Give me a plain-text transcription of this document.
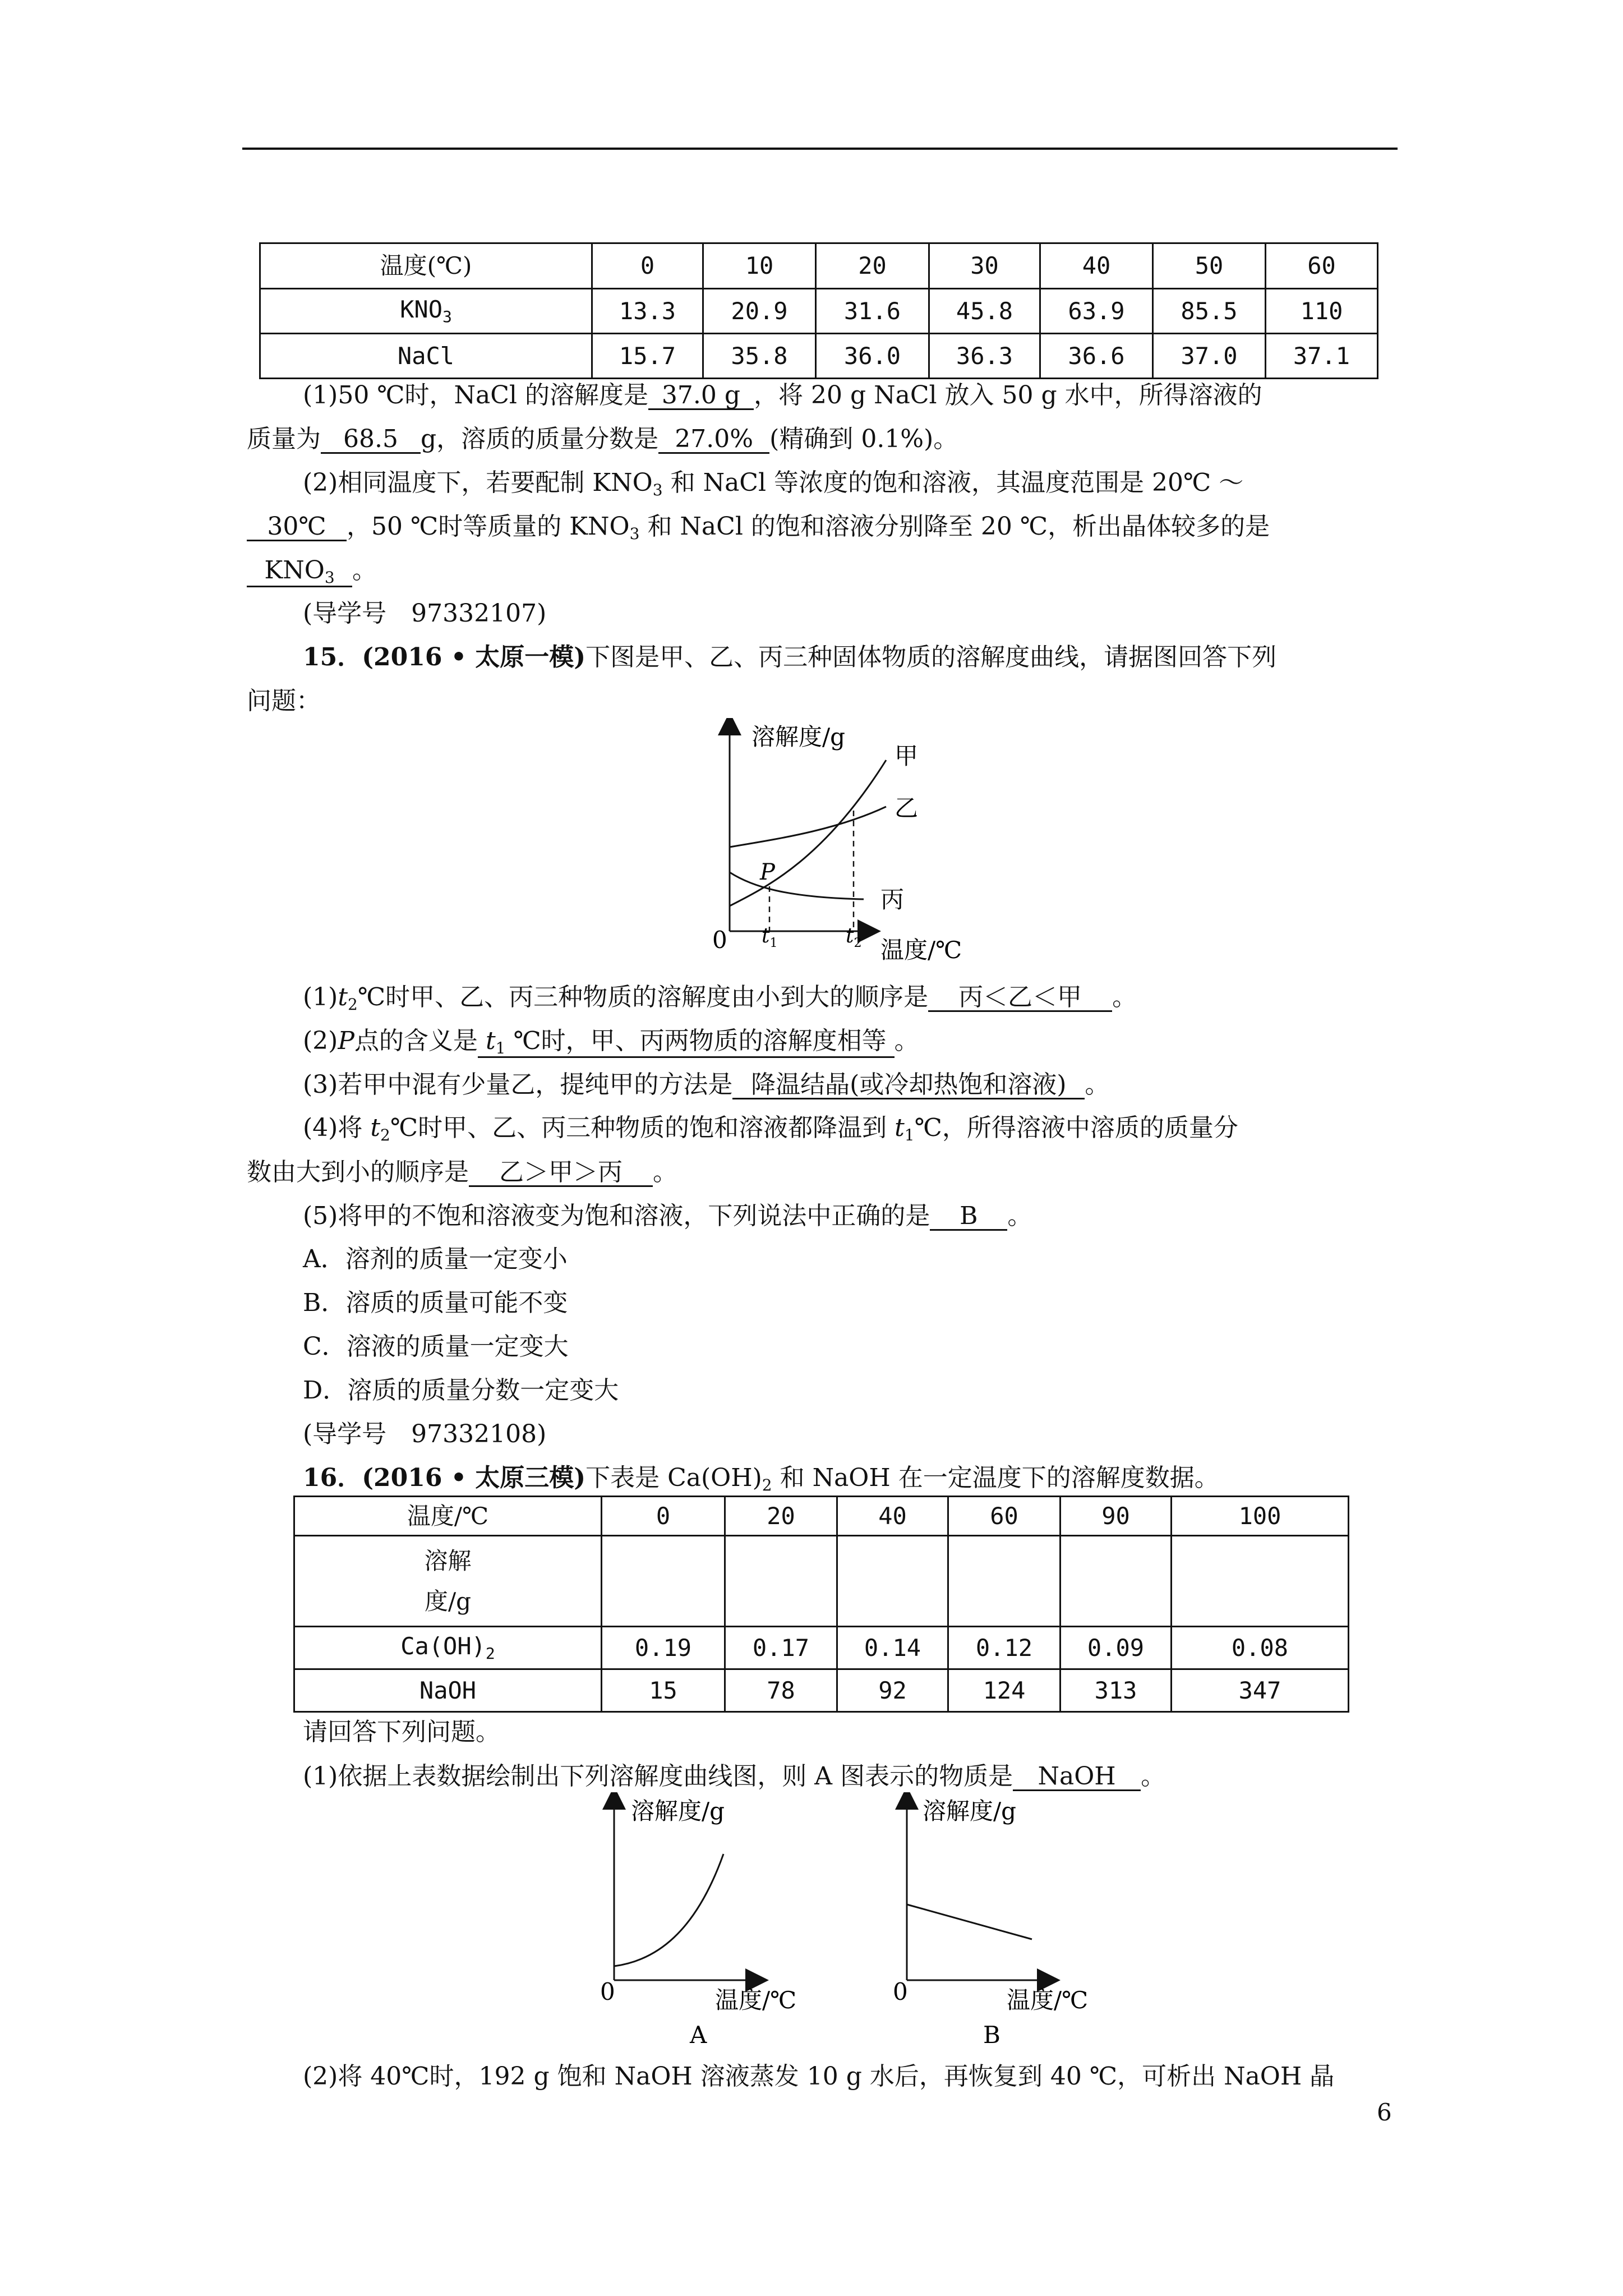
温度(℃)	0	10	20	30	40	50	60
$KNO_3$	13.3	20.9	31.6	45.8	63.9	85.5	110
NaCl	15.7	35.8	36.0	36.3	36.6	37.0	37.1
(1)50 ℃时，NaCl 的溶解度是 37.0 g ，将 20 g NaCl 放入 50 g 水中，所得溶液的
质量为 68.5 g，溶质的质量分数是 27.0% (精确到 0.1%)。
(2)相同温度下，若要配制 $KNO_3$ 和 NaCl 等浓度的饱和溶液，其温度范围是 20℃ ～
30℃ ，50 ℃时等质量的 $KNO_3$ 和 NaCl 的饱和溶液分别降至 20 ℃，析出晶体较多的是
$KNO_3$ 。
(导学号　97332107)
15．(2016 • 太原一模)下图是甲、乙、丙三种固体物质的溶解度曲线，请据图回答下列
问题：
溶解度/g
温度/℃
0
甲
乙
丙
P
$t_1$	$t_2$
$(1)t_2℃$时甲、乙、丙三种物质的溶解度由小到大的顺序是 丙＜乙＜甲 。
(2)P点的含义是 $t_1$ ℃时，甲、丙两物质的溶解度相等 。
(3)若甲中混有少量乙，提纯甲的方法是 降温结晶(或冷却热饱和溶液) 。
(4)将 $t_2℃$时甲、乙、丙三种物质的饱和溶液都降温到 $t_1℃$，所得溶液中溶质的质量分
数由大到小的顺序是 乙＞甲＞丙 。
(5)将甲的不饱和溶液变为饱和溶液，下列说法中正确的是 B 。
A．溶剂的质量一定变小
B．溶质的质量可能不变
C．溶液的质量一定变大
D．溶质的质量分数一定变大
(导学号　97332108)
16．(2016 • 太原三模)下表是 $Ca(OH)_2$ 和 NaOH 在一定温度下的溶解度数据。
温度/℃	0	20	40	60	90	100
溶解
度/g						
$Ca(OH)_2$	0.19	0.17	0.14	0.12	0.09	0.08
NaOH	15	78	92	124	313	347
请回答下列问题。
(1)依据上表数据绘制出下列溶解度曲线图，则 A 图表示的物质是 NaOH 。
溶解度/g
温度/℃
0
A
溶解度/g
温度/℃
0
B
(2)将 40℃时，192 g 饱和 NaOH 溶液蒸发 10 g 水后，再恢复到 40 ℃，可析出 NaOH 晶
6
